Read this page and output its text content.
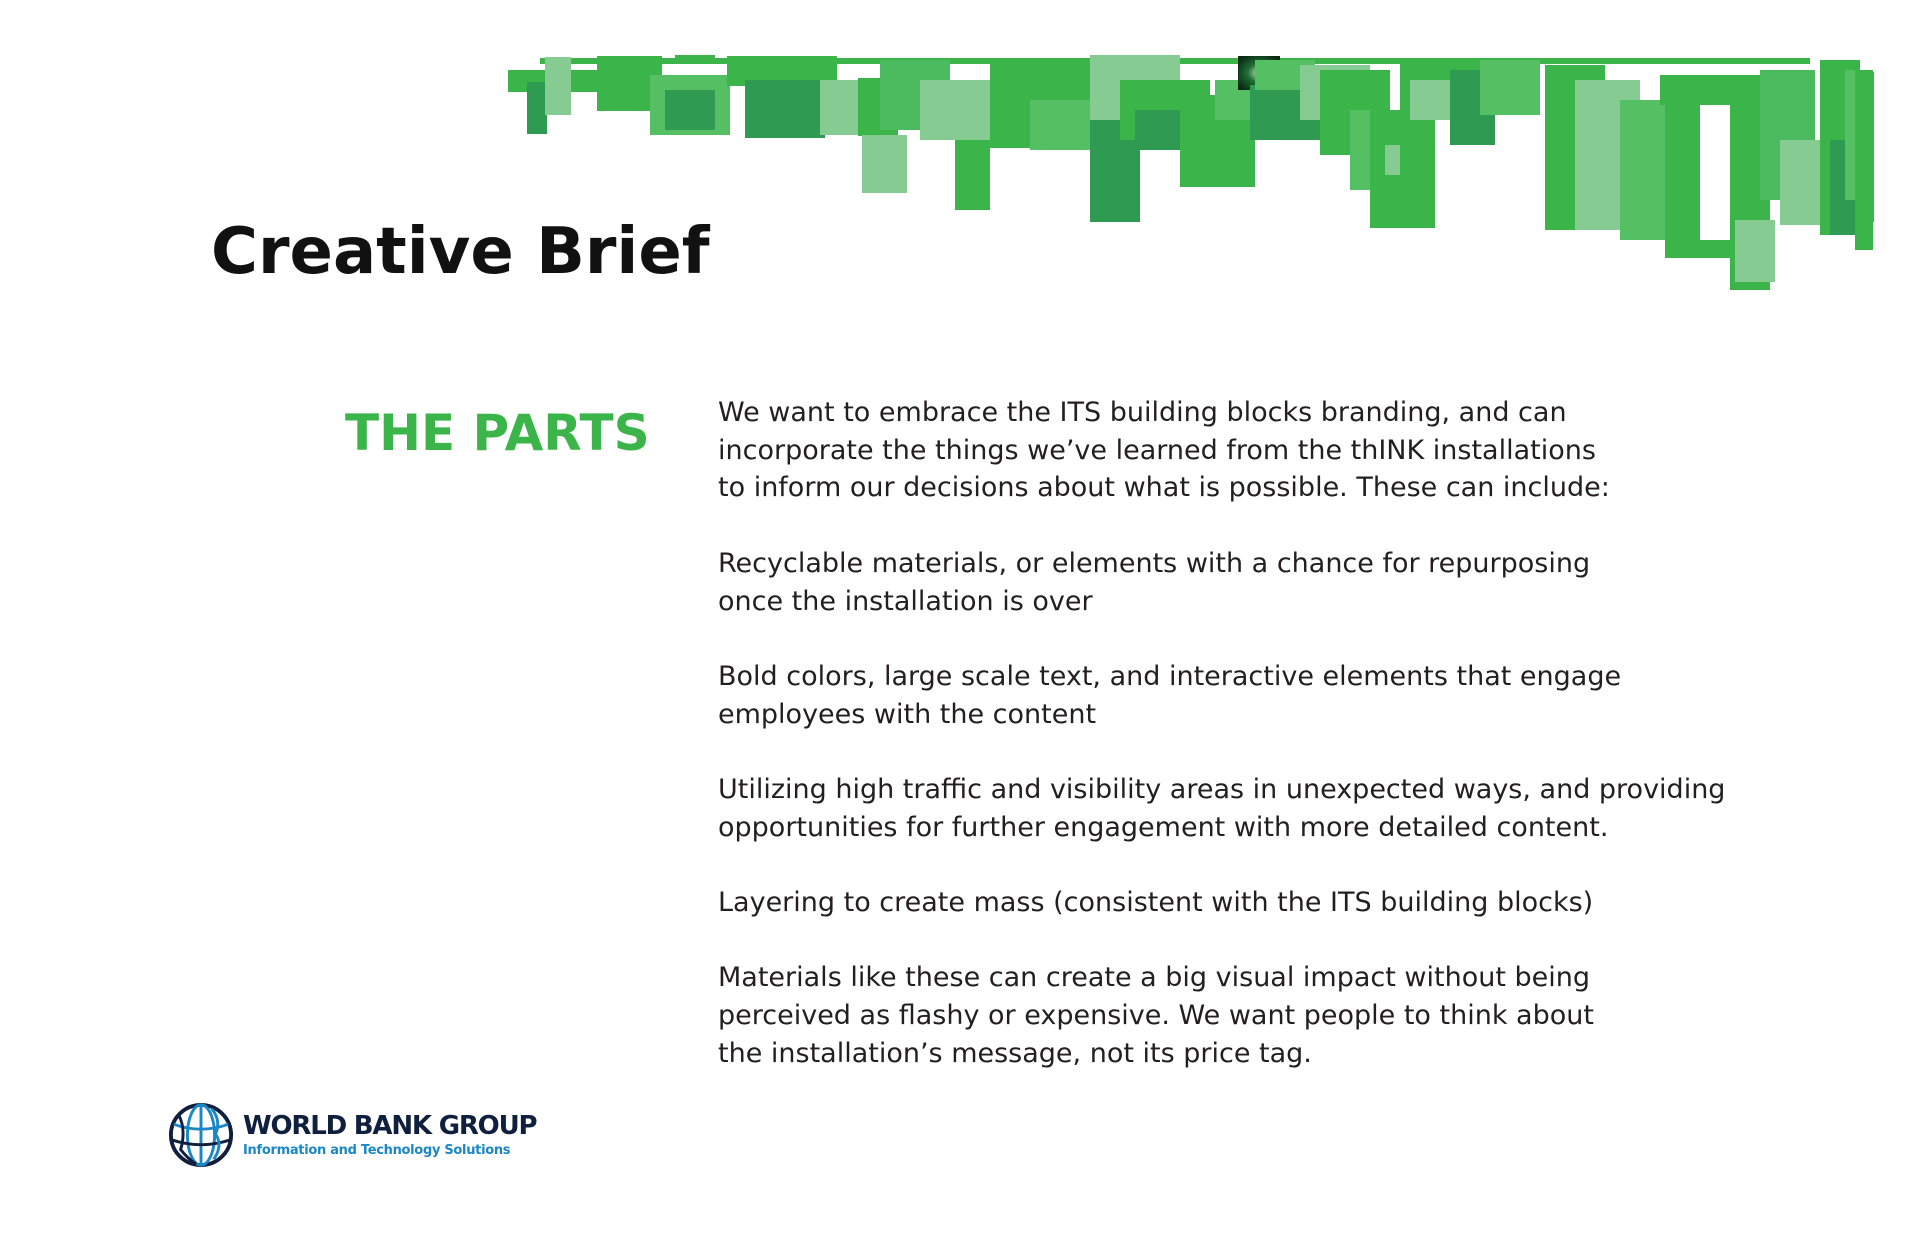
Creative Brief
THE PARTS	We want to embrace the ITS building blocks branding, and can
incorporate the things we’ve learned from the thINK installations
to inform our decisions about what is possible. These can include:

Recyclable materials, or elements with a chance for repurposing
once the installation is over

Bold colors, large scale text, and interactive elements that engage
employees with the content

Utilizing high traffic and visibility areas in unexpected ways, and providing
opportunities for further engagement with more detailed content.

Layering to create mass (consistent with the ITS building blocks)

Materials like these can create a big visual impact without being
perceived as flashy or expensive. We want people to think about
the installation’s message, not its price tag.

WORLD BANK GROUP
Information and Technology Solutions
